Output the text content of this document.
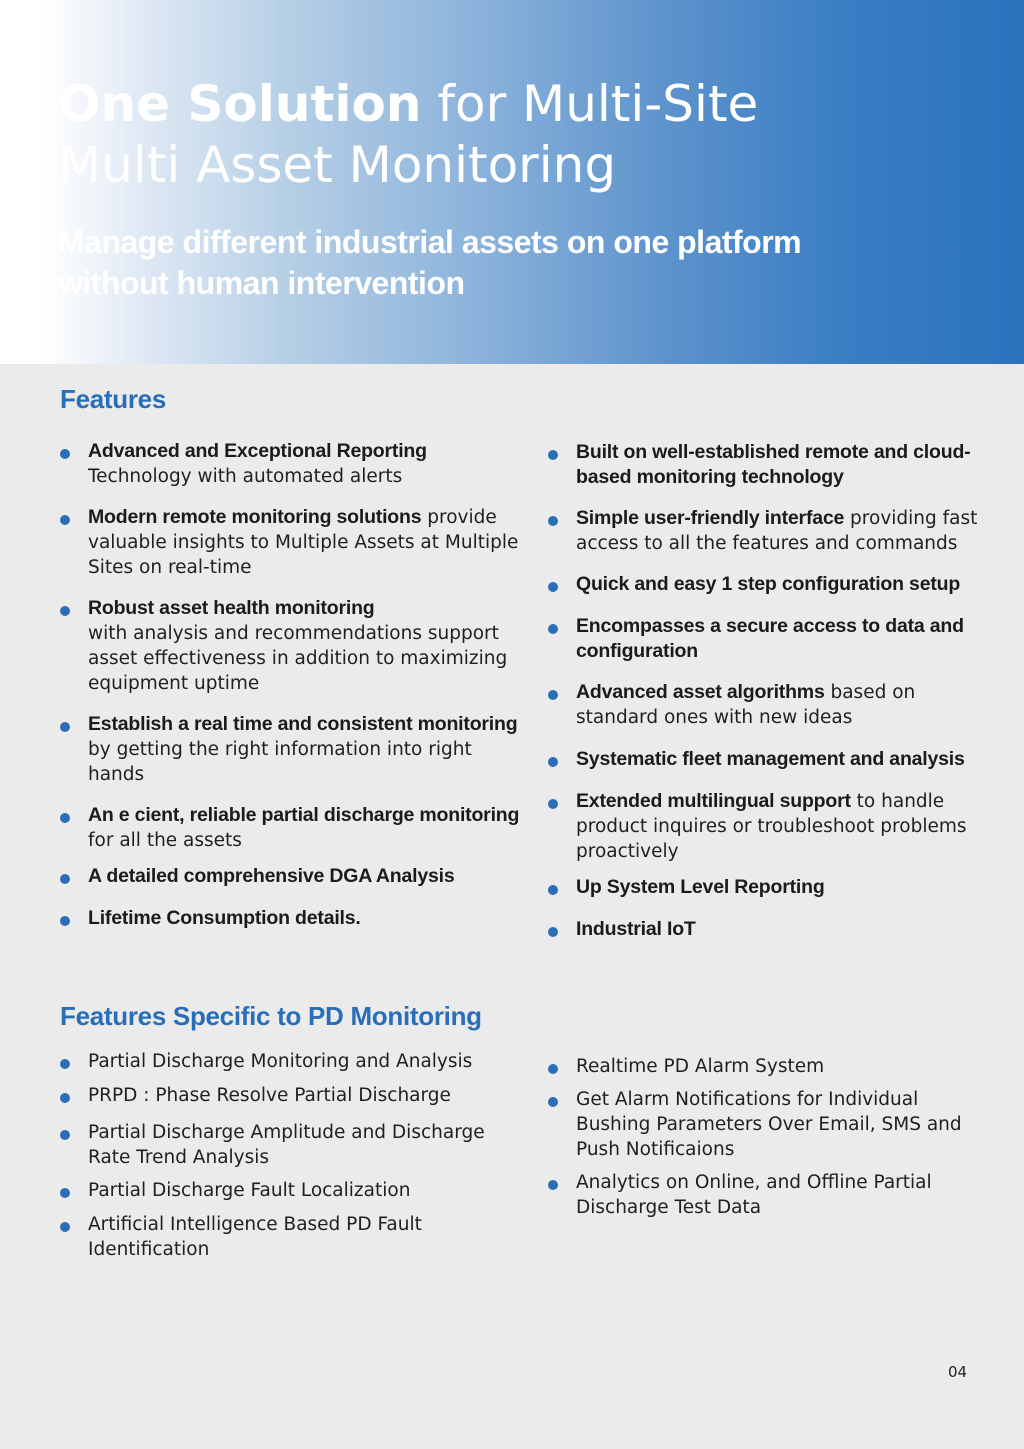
One Solution for Multi-Site
Multi Asset Monitoring
Manage different industrial assets on one platform
without human intervention
Features
Advanced and Exceptional Reporting
Technology with automated alerts
Modern remote monitoring solutions provide valuable insights to Multiple Assets at Multiple Sites on real-time
Robust asset health monitoring
with analysis and recommendations support asset effectiveness in addition to maximizing equipment uptime
Establish a real time and consistent monitoring by getting the right information into right hands
An e cient, reliable partial discharge monitoring for all the assets
A detailed comprehensive DGA Analysis
Lifetime Consumption details.
Built on well-established remote and cloud-based monitoring technology
Simple user-friendly interface providing fast access to all the features and commands
Quick and easy 1 step configuration setup
Encompasses a secure access to data and configuration
Advanced asset algorithms based on standard ones with new ideas
Systematic fleet management and analysis
Extended multilingual support to handle product inquires or troubleshoot problems proactively
Up System Level Reporting
Industrial IoT
Features Specific to PD Monitoring
Partial Discharge Monitoring and Analysis
PRPD : Phase Resolve Partial Discharge
Partial Discharge Amplitude and Discharge Rate Trend Analysis
Partial Discharge Fault Localization
Artificial Intelligence Based PD Fault Identification
Realtime PD Alarm System
Get Alarm Notifications for Individual Bushing Parameters Over Email, SMS and Push Notificaions
Analytics on Online, and Offline Partial Discharge Test Data
04
